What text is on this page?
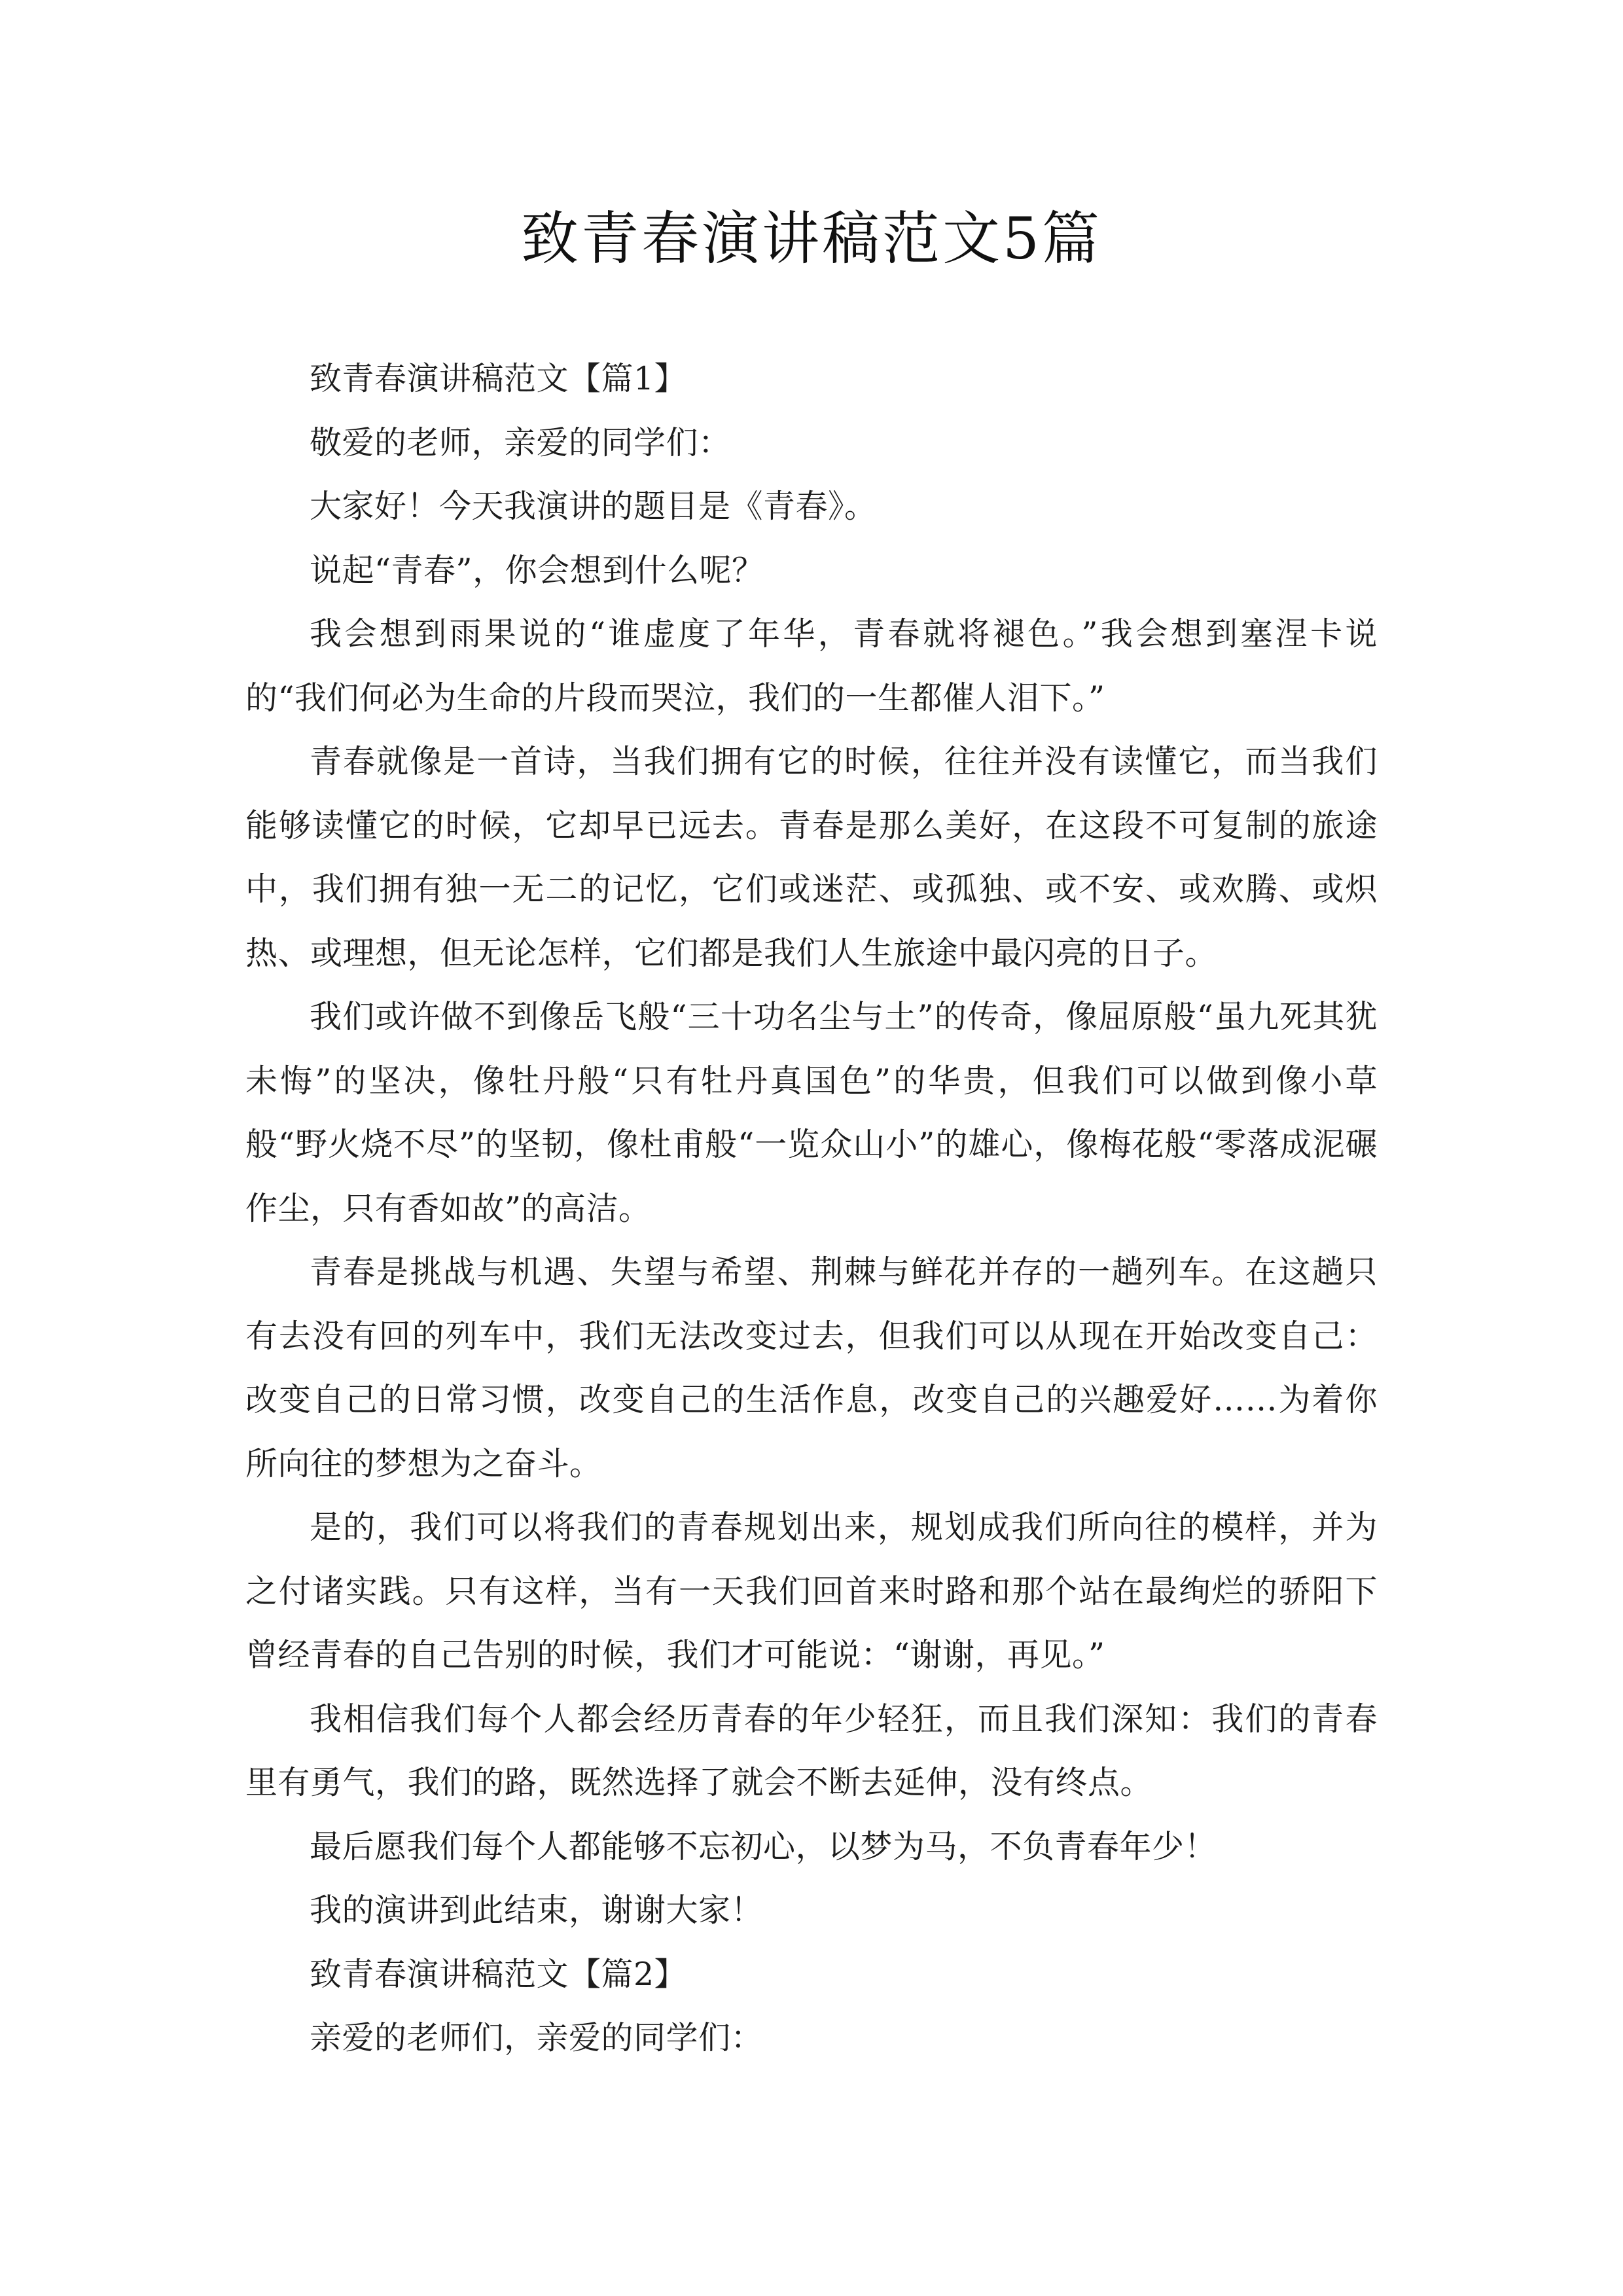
致青春演讲稿范文5篇

致青春演讲稿范文【篇1】

敬爱的老师，亲爱的同学们：

大家好！今天我演讲的题目是《青春》。

说起“青春”，你会想到什么呢？

我会想到雨果说的“谁虚度了年华，青春就将褪色。”我会想到塞涅卡说的“我们何必为生命的片段而哭泣，我们的一生都催人泪下。”

青春就像是一首诗，当我们拥有它的时候，往往并没有读懂它，而当我们能够读懂它的时候，它却早已远去。青春是那么美好，在这段不可复制的旅途中，我们拥有独一无二的记忆，它们或迷茫、或孤独、或不安、或欢腾、或炽热、或理想，但无论怎样，它们都是我们人生旅途中最闪亮的日子。

我们或许做不到像岳飞般“三十功名尘与土”的传奇，像屈原般“虽九死其犹未悔”的坚决，像牡丹般“只有牡丹真国色”的华贵，但我们可以做到像小草般“野火烧不尽”的坚韧，像杜甫般“一览众山小”的雄心，像梅花般“零落成泥碾作尘，只有香如故”的高洁。

青春是挑战与机遇、失望与希望、荆棘与鲜花并存的一趟列车。在这趟只有去没有回的列车中，我们无法改变过去，但我们可以从现在开始改变自己：改变自己的日常习惯，改变自己的生活作息，改变自己的兴趣爱好……为着你所向往的梦想为之奋斗。

是的，我们可以将我们的青春规划出来，规划成我们所向往的模样，并为之付诸实践。只有这样，当有一天我们回首来时路和那个站在最绚烂的骄阳下曾经青春的自己告别的时候，我们才可能说：“谢谢，再见。”

我相信我们每个人都会经历青春的年少轻狂，而且我们深知：我们的青春里有勇气，我们的路，既然选择了就会不断去延伸，没有终点。

最后愿我们每个人都能够不忘初心，以梦为马，不负青春年少！

我的演讲到此结束，谢谢大家！

致青春演讲稿范文【篇2】

亲爱的老师们，亲爱的同学们：
